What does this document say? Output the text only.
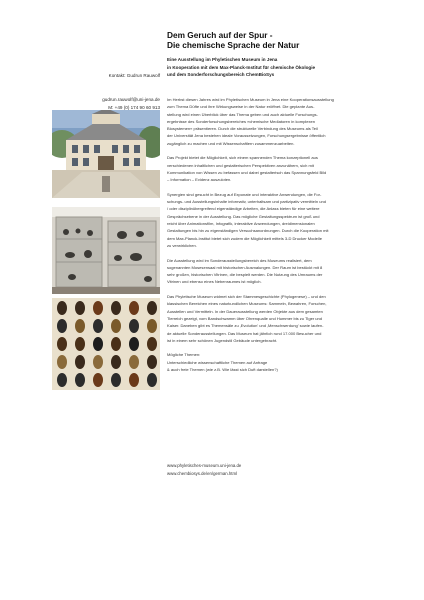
Dem Geruch auf der Spur -
Die chemische Sprache der Natur
Eine Ausstellung im Phyletischen Museum in Jena
in Kooperation mit dem Max-Planck-Institut für chemische Ökologie
und dem Sonderforschungsbereich ChemBioSys
Kontakt: Gudrun Rauwolf
gudrun.rauwolf@uni-jena.de
M: +49 (0) 174 90 60 913

Im Herbst diesen Jahres wird im Phyletischen Museum in Jena eine Kooperationsausstellung

zum Thema Düfte und ihre Wirkungsweise in der Natur eröffnet. Die geplante Aus-

stellung wird einen Überblick über das Thema geben und auch aktuelle Forschungs-

ergebnisse des Sonderforschungsbereiches »chemische Mediatoren in komplexen

Biosystemen« präsentieren. Durch die strukturelle Verbindung des Museums als Teil

der Universität Jena bestehen ideale Voraussetzungen, Forschungsergebnisse öffentlich

zugänglich zu machen und mit Wissenschaftlern zusammenzuarbeiten.

Das Projekt bietet die Möglichkeit, sich einem spannenden Thema konzeptionell aus

verschiedenen inhaltlichen und gestalterischen Perspektiven anzunähern, sich mit

Kommunikation von Wissen zu befassen und dabei gestalterisch das Spannungsfeld Bild

– Information – Evidenz auszuloten.

Synergien sind gesucht in Bezug auf Exponate und interaktive Anwendungen, die For-

schungs- und Ausstellungsinhalte informativ, unterhaltsam und partizipativ vermitteln und

/ oder disziplinübergreifend eigenständige Arbeiten, die Anlass bieten für eine weitere

Gesprächsebene in der Ausstellung. Das mögliche Gestaltungsspektrum ist groß und

reicht über Animationsfilm, Infografik, interaktive Anwendungen, dreidimensionalen

Gestaltungen bis hin zu eigenständigen Versuchsanordnungen. Durch die Kooperation mit

dem Max-Planck-Institut bietet sich zudem die Möglichkeit mittels 3-D Drucker Modelle

zu verwirklichen.

Die Ausstellung wird im Sonderausstellungsbereich des Museums realisiert, dem

sogenannten Mosesensaal mit historischen Ausmalungen. Der Raum ist bestückt mit 8

sehr großen, historischen Vitrinen, die bespielt werden. Die Nutzung des Umraums der

Vitrinen und ebenso eines Nebenraumes ist möglich.

Das Phyletische Museum widmet sich der Stammesgeschichte (Phylogenese) – und den

klassischen Bereichen eines naturkundlichen Museums: Sammeln, Bewahren, Forschen,

Ausstellen und Vermitteln. In der Dauerausstellung werden Objekte aus dem gesamten

Tierreich gezeigt, vom Bandschwamm über Ohrenqualle und Hummer bis zu Tiger und

Kaiser. Daneben gibt es Themensäle zu ‚Evolution' und ‚Menschwerdung' sowie laufen-

de aktuelle Sonderausstellungen. Das Museum hat jährlich rund 17.000 Besucher und

ist in einem sehr schönen Jugendstil Gebäude untergebracht.

Mögliche Themen:

Unterschiedliche wissenschaftliche Themen auf Anfrage

& auch freie Themen (wie z.B. Wie lässt sich Duft darstellen?)

www.phyletisches-museum.uni-jena.de
www.chembiosys.de/en/german.html
